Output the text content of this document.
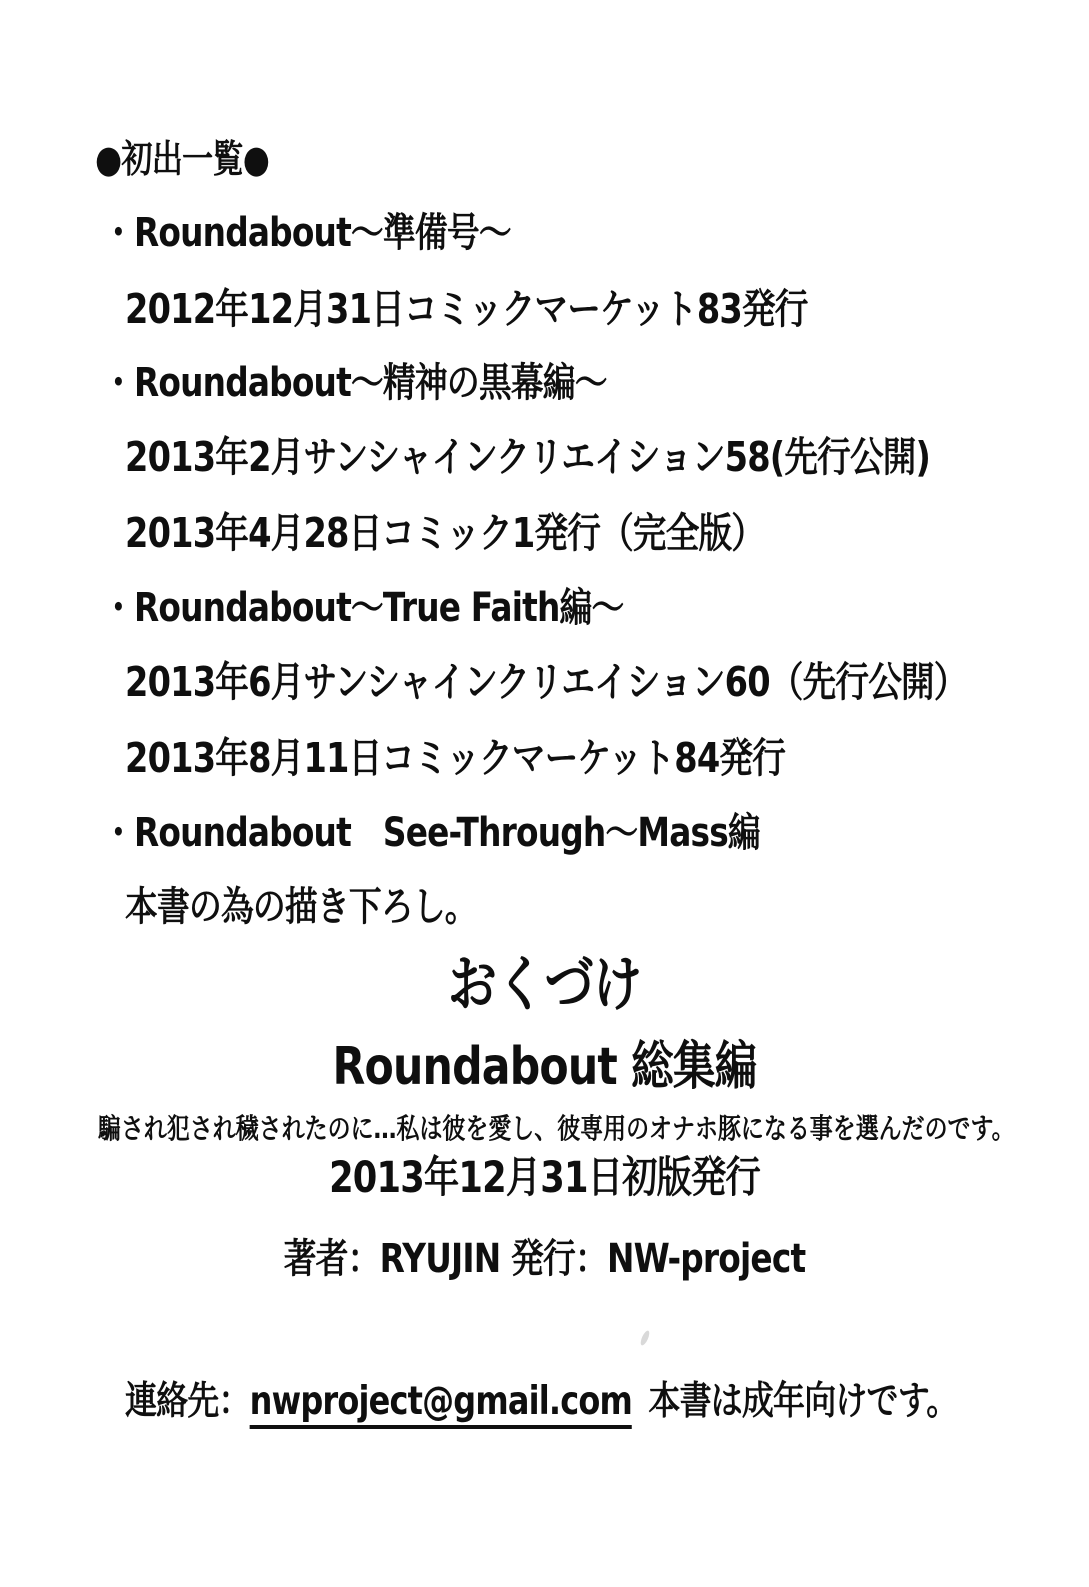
●初出一覧●
・Roundabout～準備号～
2012年12月31日コミックマーケット83発行
・Roundabout～精神の黒幕編～
2013年2月サンシャインクリエイション58(先行公開)
2013年4月28日コミック1発行（完全版）
・Roundabout～True Faith編～
2013年6月サンシャインクリエイション60（先行公開）
2013年8月11日コミックマーケット84発行
・Roundabout　See-Through～Mass編
本書の為の描き下ろし。
おくづけ
Roundabout 総集編
騙され犯され穢されたのに…私は彼を愛し、彼専用のオナホ豚になる事を選んだのです。
2013年12月31日初版発行
著者：RYUJIN 発行：NW-project
連絡先：nwproject@gmail.com 本書は成年向けです。
